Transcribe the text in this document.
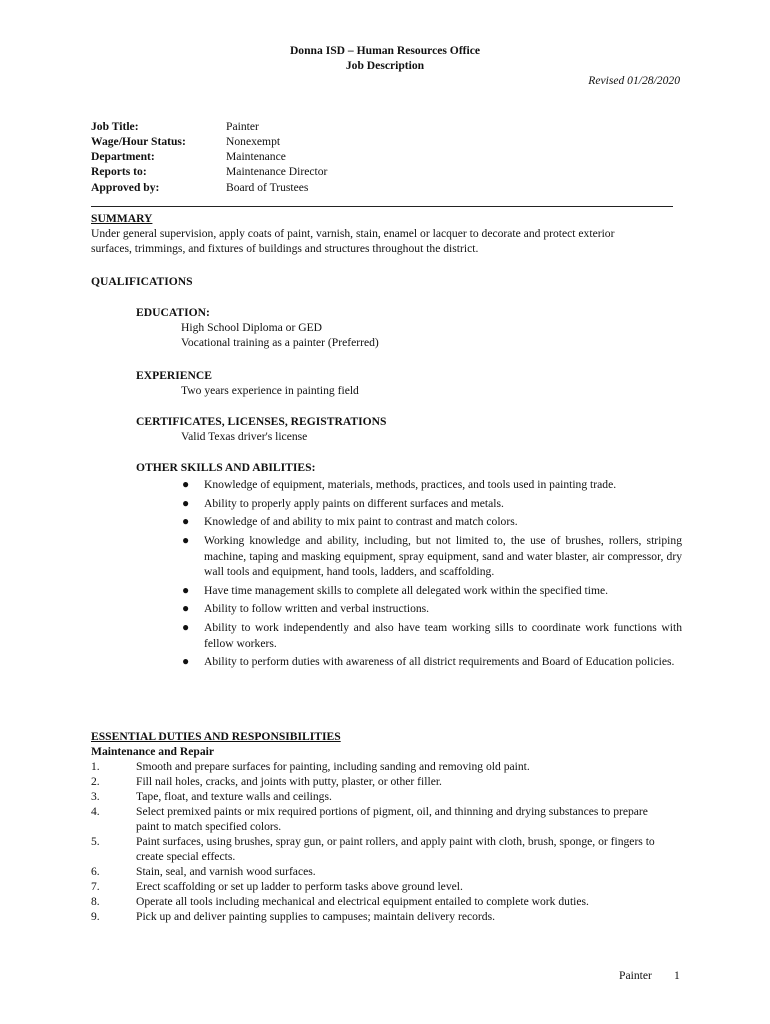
Donna ISD – Human Resources Office
Job Description
Revised 01/28/2020
Job Title:	Painter
Wage/Hour Status:	Nonexempt
Department:	Maintenance
Reports to:	Maintenance Director
Approved by:	Board of Trustees
SUMMARY
Under general supervision, apply coats of paint, varnish, stain, enamel or lacquer to decorate and protect exterior
surfaces, trimmings, and fixtures of buildings and structures throughout the district.
QUALIFICATIONS
EDUCATION:
High School Diploma or GED
Vocational training as a painter (Preferred)
EXPERIENCE
Two years experience in painting field
CERTIFICATES, LICENSES, REGISTRATIONS
Valid Texas driver's license
OTHER SKILLS AND ABILITIES:
● Knowledge of equipment, materials, methods, practices, and tools used in painting trade.
● Ability to properly apply paints on different surfaces and metals.
● Knowledge of and ability to mix paint to contrast and match colors.
● Working knowledge and ability, including, but not limited to, the use of brushes, rollers, striping machine, taping and masking equipment, spray equipment, sand and water blaster, air compressor, dry wall tools and equipment, hand tools, ladders, and scaffolding.
● Have time management skills to complete all delegated work within the specified time.
● Ability to follow written and verbal instructions.
● Ability to work independently and also have team working sills to coordinate work functions with fellow workers.
● Ability to perform duties with awareness of all district requirements and Board of Education policies.
ESSENTIAL DUTIES AND RESPONSIBILITIES
Maintenance and Repair
1.	Smooth and prepare surfaces for painting, including sanding and removing old paint.
2.	Fill nail holes, cracks, and joints with putty, plaster, or other filler.
3.	Tape, float, and texture walls and ceilings.
4.	Select premixed paints or mix required portions of pigment, oil, and thinning and drying substances to prepare paint to match specified colors.
5.	Paint surfaces, using brushes, spray gun, or paint rollers, and apply paint with cloth, brush, sponge, or fingers to create special effects.
6.	Stain, seal, and varnish wood surfaces.
7.	Erect scaffolding or set up ladder to perform tasks above ground level.
8.	Operate all tools including mechanical and electrical equipment entailed to complete work duties.
9.	Pick up and deliver painting supplies to campuses; maintain delivery records.
Painter 1
